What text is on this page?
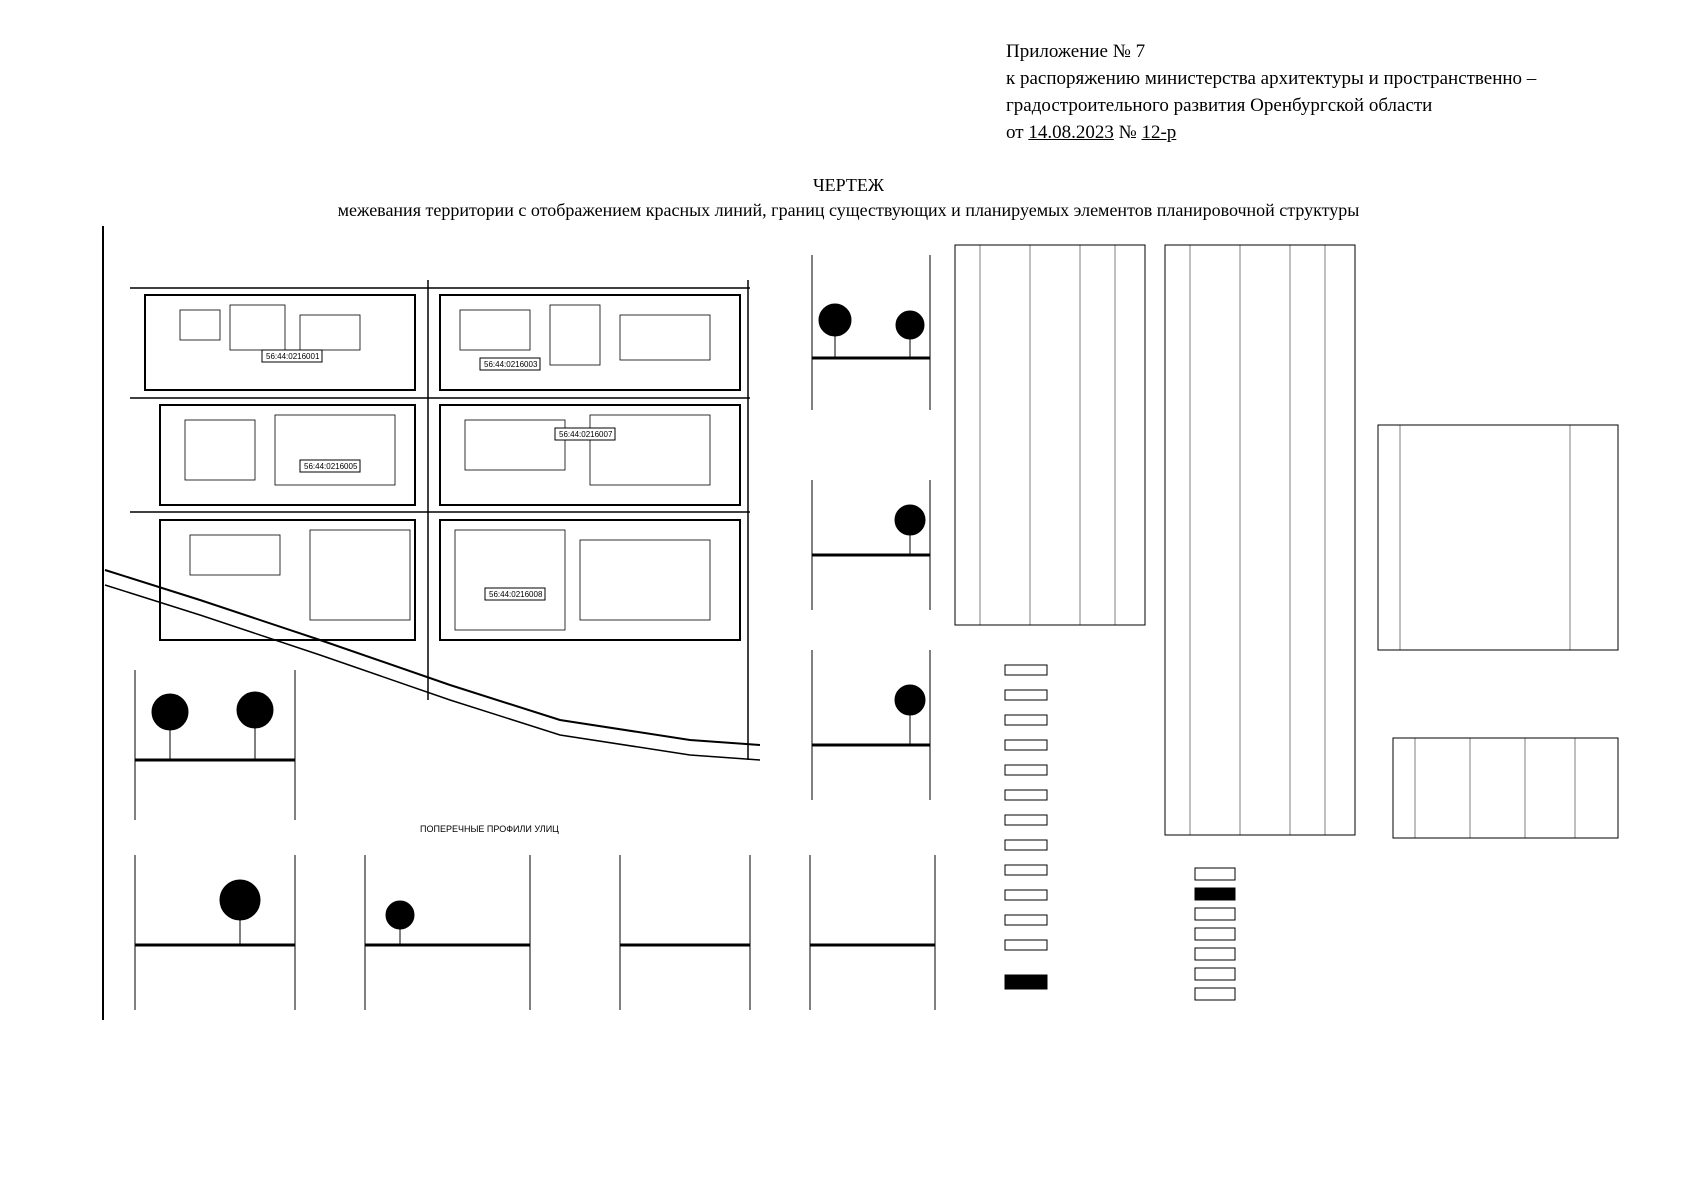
Приложение № 7
к распоряжению министерства архитектуры и пространственно –
градостроительного развития Оренбургской области
от 14.08.2023 № 12-р
ЧЕРТЕЖ
межевания территории с отображением красных линий, границ существующих и планируемых элементов планировочной структуры
56:44:0216001
56:44:0216003
56:44:0216005
56:44:0216007
56:44:0216008
ПОПЕРЕЧНЫЕ ПРОФИЛИ УЛИЦ
